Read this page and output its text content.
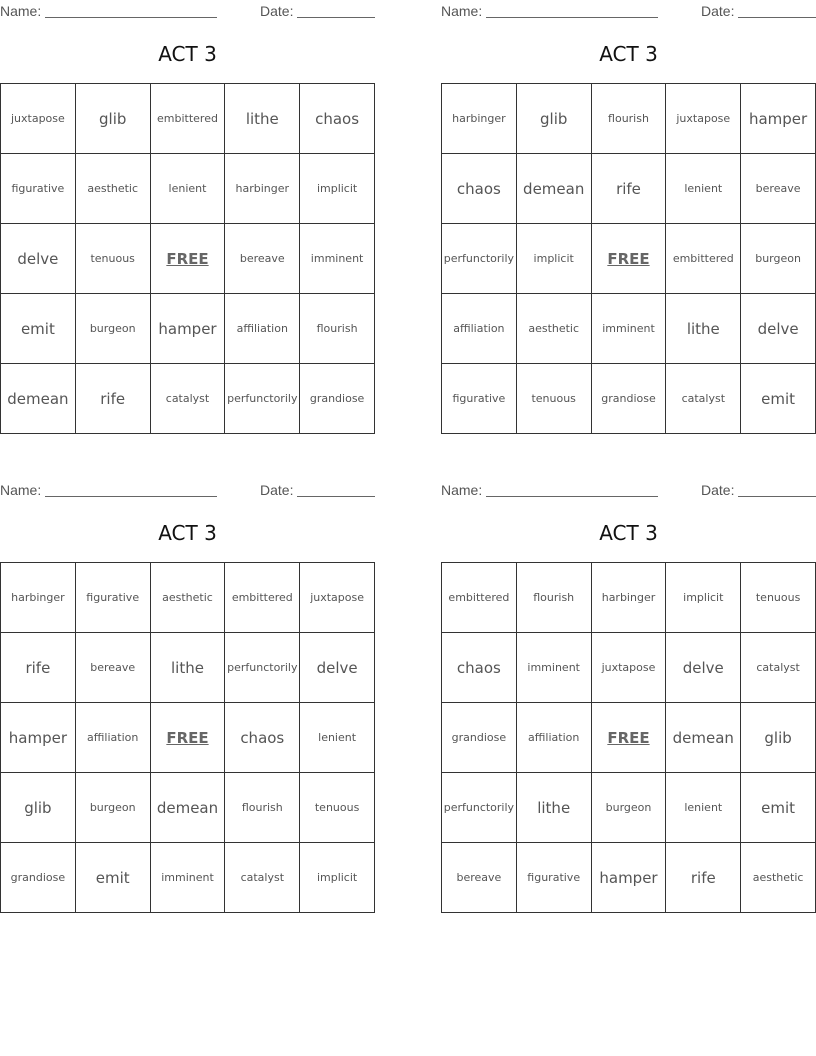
Name:	Date:
ACT 3
juxtapose	glib	embittered	lithe	chaos
figurative	aesthetic	lenient	harbinger	implicit
delve	tenuous	FREE	bereave	imminent
emit	burgeon	hamper	affiliation	flourish
demean	rife	catalyst	perfunctorily	grandiose
Name:	Date:
ACT 3
harbinger	glib	flourish	juxtapose	hamper
chaos	demean	rife	lenient	bereave
perfunctorily	implicit	FREE	embittered	burgeon
affiliation	aesthetic	imminent	lithe	delve
figurative	tenuous	grandiose	catalyst	emit
Name:	Date:
ACT 3
harbinger	figurative	aesthetic	embittered	juxtapose
rife	bereave	lithe	perfunctorily	delve
hamper	affiliation	FREE	chaos	lenient
glib	burgeon	demean	flourish	tenuous
grandiose	emit	imminent	catalyst	implicit
Name:	Date:
ACT 3
embittered	flourish	harbinger	implicit	tenuous
chaos	imminent	juxtapose	delve	catalyst
grandiose	affiliation	FREE	demean	glib
perfunctorily	lithe	burgeon	lenient	emit
bereave	figurative	hamper	rife	aesthetic
